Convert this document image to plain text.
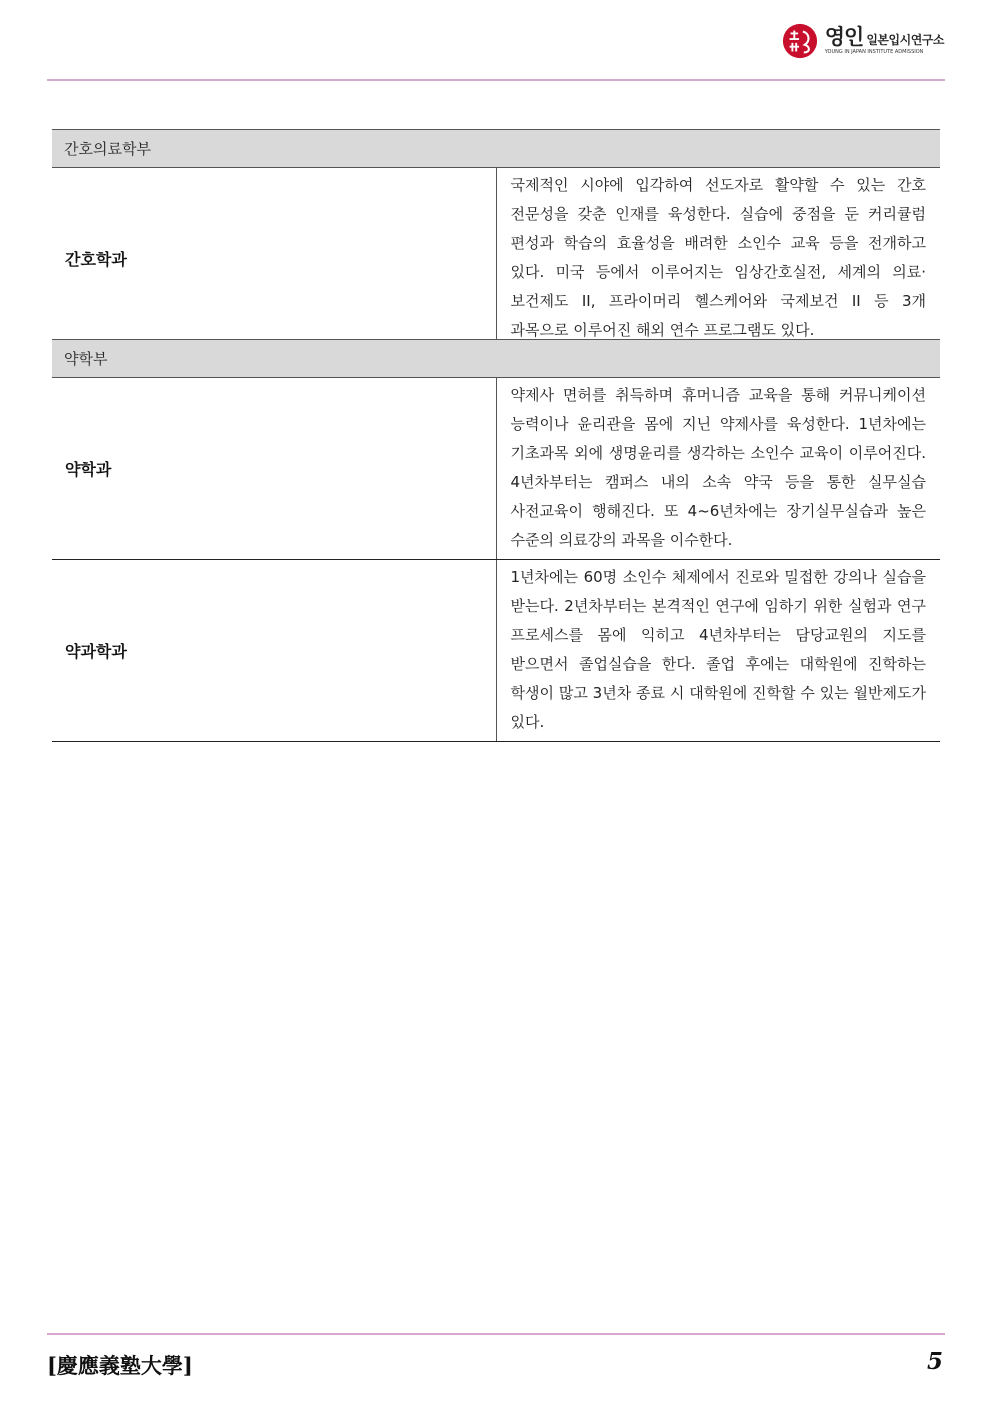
영인 일본입시연구소
YOUNG IN JAPAN INSTITUTE ADMISSION
간호의료학부
간호학과	국제적인 시야에 입각하여 선도자로 활약할 수 있는 간호 전문성을 갖춘 인재를 육성한다. 실습에 중점을 둔 커리큘럼 편성과 학습의 효율성을 배려한 소인수 교육 등을 전개하고 있다. 미국 등에서 이루어지는 임상간호실전, 세계의 의료·보건제도 II, 프라이머리 헬스케어와 국제보건 II 등 3개 과목으로 이루어진 해외 연수 프로그램도 있다.
약학부	
약학과	약제사 면허를 취득하며 휴머니즘 교육을 통해 커뮤니케이션 능력이나 윤리관을 몸에 지닌 약제사를 육성한다. 1년차에는 기초과목 외에 생명윤리를 생각하는 소인수 교육이 이루어진다. 4년차부터는 캠퍼스 내의 소속 약국 등을 통한 실무실습 사전교육이 행해진다. 또 4~6년차에는 장기실무실습과 높은 수준의 의료강의 과목을 이수한다.
약과학과	1년차에는 60명 소인수 체제에서 진로와 밀접한 강의나 실습을 받는다. 2년차부터는 본격적인 연구에 임하기 위한 실험과 연구 프로세스를 몸에 익히고 4년차부터는 담당교원의 지도를 받으면서 졸업실습을 한다. 졸업 후에는 대학원에 진학하는 학생이 많고 3년차 종료 시 대학원에 진학할 수 있는 월반제도가 있다.
[慶應義塾大學]	5
